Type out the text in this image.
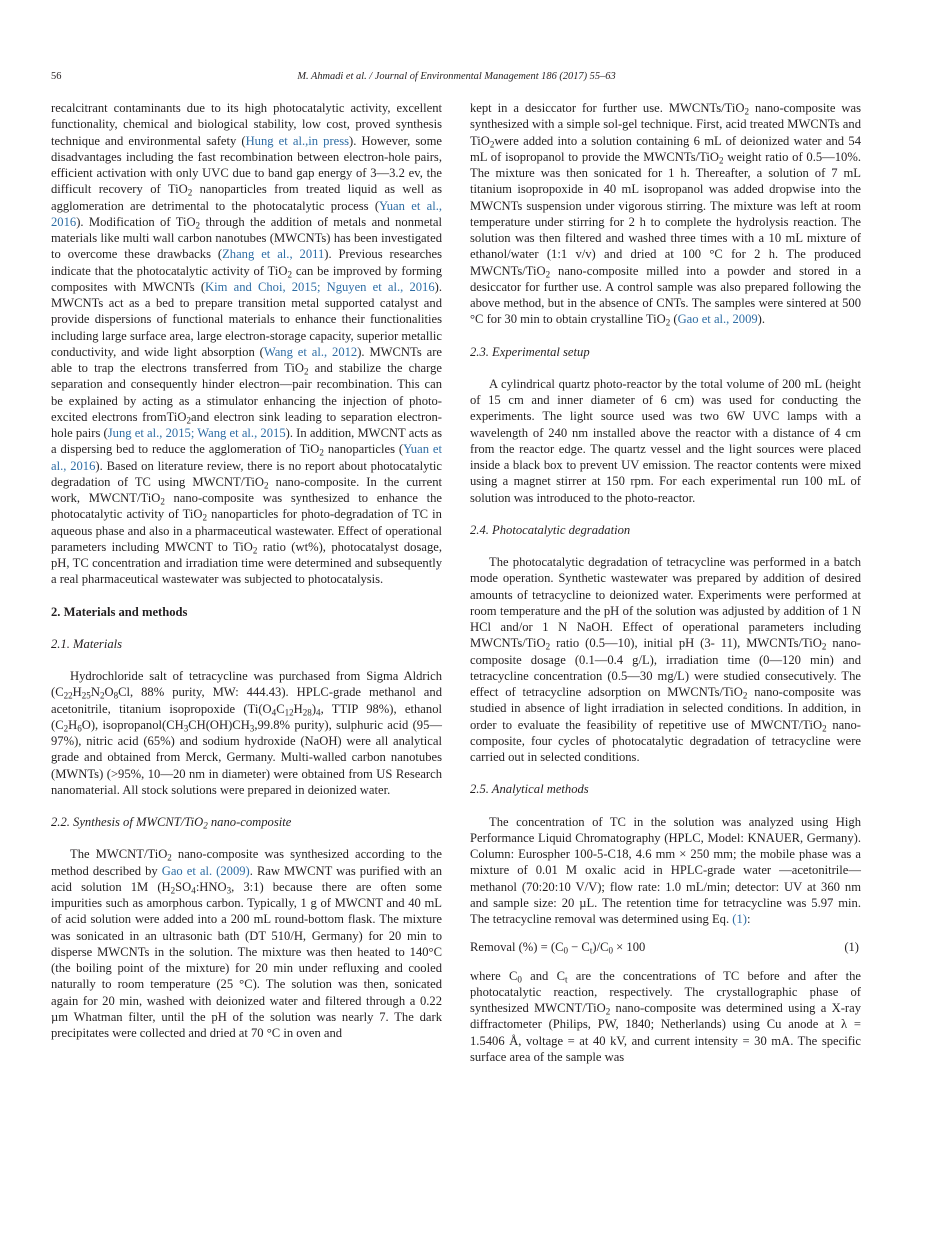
56	M. Ahmadi et al. / Journal of Environmental Management 186 (2017) 55–63

recalcitrant contaminants due to its high photocatalytic activity, excellent functionality, chemical and biological stability, low cost, proved synthesis technique and environmental safety (Hung et al.,in press). However, some disadvantages including the fast recombination between electron-hole pairs, efficient activation with only UVC due to band gap energy of 3—3.2 ev, the difficult recovery of TiO$_2$ nanoparticles from treated liquid as well as agglomeration are detrimental to the photocatalytic process (Yuan et al., 2016). Modification of TiO$_2$ through the addition of metals and nonmetal materials like multi wall carbon nanotubes (MWCNTs) has been investigated to overcome these drawbacks (Zhang et al., 2011). Previous researches indicate that the photocatalytic activity of TiO$_2$ can be improved by forming composites with MWCNTs (Kim and Choi, 2015; Nguyen et al., 2016). MWCNTs act as a bed to prepare transition metal supported catalyst and provide dispersions of functional materials to enhance their functionalities including large surface area, large electron-storage capacity, superior metallic conductivity, and wide light absorption (Wang et al., 2012). MWCNTs are able to trap the electrons transferred from TiO$_2$ and stabilize the charge separation and consequently hinder electron—pair recombination. This can be explained by acting as a stimulator enhancing the injection of photo-excited electrons fromTiO$_2$and electron sink leading to separation electron-hole pairs (Jung et al., 2015; Wang et al., 2015). In addition, MWCNT acts as a dispersing bed to reduce the agglomeration of TiO$_2$ nanoparticles (Yuan et al., 2016). Based on literature review, there is no report about photocatalytic degradation of TC using MWCNT/TiO$_2$ nano-composite. In the current work, MWCNT/TiO$_2$ nano-composite was synthesized to enhance the photocatalytic activity of TiO$_2$ nanoparticles for photo-degradation of TC in aqueous phase and also in a pharmaceutical wastewater. Effect of operational parameters including MWCNT to TiO$_2$ ratio (wt%), photocatalyst dosage, pH, TC concentration and irradiation time were determined and subsequently a real pharmaceutical wastewater was subjected to photocatalysis.

2. Materials and methods

2.1. Materials

Hydrochloride salt of tetracycline was purchased from Sigma Aldrich ($C_{22}H_{25}N_2O_8Cl$, 88% purity, MW: 444.43). HPLC-grade methanol and acetonitrile, titanium isopropoxide ($Ti(O_4C_{12}H_{28})_4$, TTIP 98%), ethanol $(C_2H_6O)$, $isopropanol(CH_3CH(OH)CH_3,99.8\%$ purity), sulphuric acid (95—97%), nitric acid (65%) and sodium hydroxide (NaOH) were all analytical grade and obtained from Merck, Germany. Multi-walled carbon nanotubes (MWNTs) (>95%, 10—20 nm in diameter) were obtained from US Research nanomaterial. All stock solutions were prepared in deionized water.

2.2. Synthesis of MWCNT/TiO$_2$ nano-composite

The MWCNT/TiO$_2$ nano-composite was synthesized according to the method described by Gao et al. (2009). Raw MWCNT was purified with an acid solution 1M ($H_2SO_4:HNO_3$, 3:1) because there are often some impurities such as amorphous carbon. Typically, 1 g of MWCNT and 40 mL of acid solution were added into a 200 mL round-bottom flask. The mixture was sonicated in an ultrasonic bath (DT 510/H, Germany) for 20 min to disperse MWCNTs in the solution. The mixture was then heated to 140°C (the boiling point of the mixture) for 20 min under refluxing and cooled naturally to room temperature (25 °C). The solution was then, sonicated again for 20 min, washed with deionized water and filtered through a 0.22 µm Whatman filter, until the pH of the solution was nearly 7. The dark precipitates were collected and dried at 70 °C in oven and

kept in a desiccator for further use. MWCNTs/TiO$_2$ nano-composite was synthesized with a simple sol-gel technique. First, acid treated MWCNTs and TiO$_2$were added into a solution containing 6 mL of deionized water and 54 mL of isopropanol to provide the MWCNTs/TiO$_2$ weight ratio of 0.5—10%. The mixture was then sonicated for 1 h. Thereafter, a solution of 7 mL titanium isopropoxide in 40 mL isopropanol was added dropwise into the MWCNTs suspension under vigorous stirring. The mixture was left at room temperature under stirring for 2 h to complete the hydrolysis reaction. The solution was then filtered and washed three times with a 10 mL mixture of ethanol/water (1:1 v/v) and dried at 100 °C for 2 h. The produced MWCNTs/TiO$_2$ nano-composite milled into a powder and stored in a desiccator for further use. A control sample was also prepared following the above method, but in the absence of CNTs. The samples were sintered at 500 °C for 30 min to obtain crystalline TiO$_2$ (Gao et al., 2009).

2.3. Experimental setup

A cylindrical quartz photo-reactor by the total volume of 200 mL (height of 15 cm and inner diameter of 6 cm) was used for conducting the experiments. The light source used was two 6W UVC lamps with a wavelength of 240 nm installed above the reactor with a distance of 4 cm from the reactor edge. The quartz vessel and the light sources were placed inside a black box to prevent UV emission. The reactor contents were mixed using a magnet stirrer at 150 rpm. For each experimental run 100 mL of solution was introduced to the photo-reactor.

2.4. Photocatalytic degradation

The photocatalytic degradation of tetracycline was performed in a batch mode operation. Synthetic wastewater was prepared by addition of desired amounts of tetracycline to deionized water. Experiments were performed at room temperature and the pH of the solution was adjusted by addition of 1 N HCl and/or 1 N NaOH. Effect of operational parameters including MWCNTs/TiO$_2$ ratio (0.5—10), initial pH (3- 11), MWCNTs/TiO$_2$ nano-composite dosage (0.1—0.4 g/L), irradiation time (0—120 min) and tetracycline concentration (0.5—30 mg/L) were studied consecutively. The effect of tetracycline adsorption on MWCNTs/TiO$_2$ nano-composite was studied in absence of light irradiation in selected conditions. In addition, in order to evaluate the feasibility of repetitive use of MWCNT/TiO$_2$ nano-composite, four cycles of photocatalytic degradation of tetracycline were carried out in selected conditions.

2.5. Analytical methods

The concentration of TC in the solution was analyzed using High Performance Liquid Chromatography (HPLC, Model: KNAUER, Germany). Column: Eurospher 100-5-C18, 4.6 mm × 250 mm; the mobile phase was a mixture of 0.01 M oxalic acid in HPLC-grade water —acetonitrile—methanol (70:20:10 V/V); flow rate: 1.0 mL/min; detector: UV at 360 nm and sample size: 20 µL. The retention time for tetracycline was 5.97 min. The tetracycline removal was determined using Eq. (1):

Removal (%) = $(C_0 - C_t)/C_0 \times 100$	(1)

where $C_0$ and $C_t$ are the concentrations of TC before and after the photocatalytic reaction, respectively. The crystallographic phase of synthesized MWCNT/TiO$_2$ nano-composite was determined using a X-ray diffractometer (Philips, PW, 1840; Netherlands) using Cu anode at λ = 1.5406 Å, voltage = at 40 kV, and current intensity = 30 mA. The specific surface area of the sample was
